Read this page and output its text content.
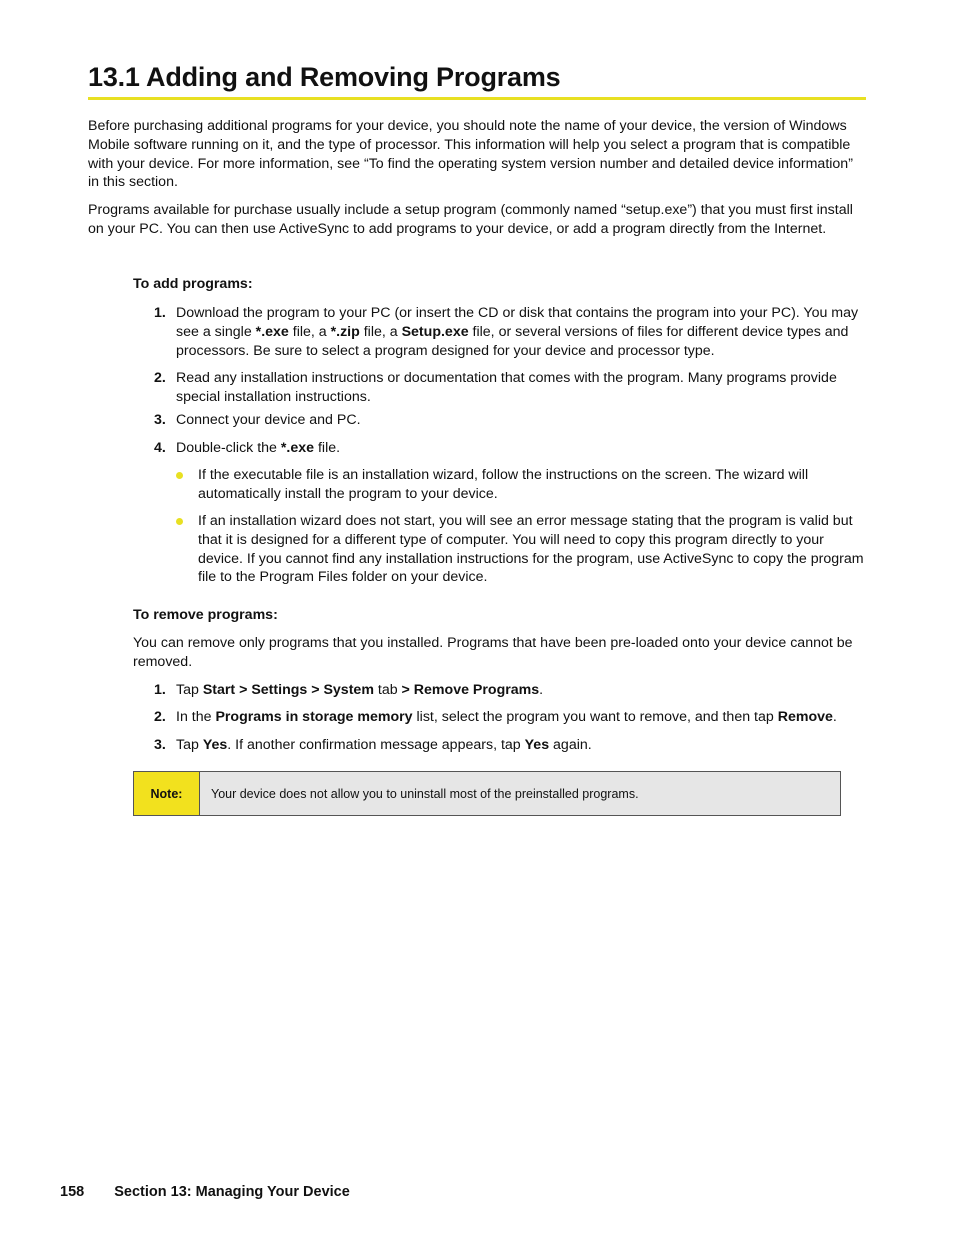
13.1 Adding and Removing Programs

Before purchasing additional programs for your device, you should note the name of your device, the version of Windows Mobile software running on it, and the type of processor. This information will help you select a program that is compatible with your device. For more information, see “To find the operating system version number and detailed device information” in this section.

Programs available for purchase usually include a setup program (commonly named “setup.exe”) that you must first install on your PC. You can then use ActiveSync to add programs to your device, or add a program directly from the Internet.

To add programs:

1. Download the program to your PC (or insert the CD or disk that contains the program into your PC). You may see a single *.exe file, a *.zip file, a Setup.exe file, or several versions of files for different device types and processors. Be sure to select a program designed for your device and processor type.
2. Read any installation instructions or documentation that comes with the program. Many programs provide special installation instructions.
3. Connect your device and PC.
4. Double-click the *.exe file.
If the executable file is an installation wizard, follow the instructions on the screen. The wizard will automatically install the program to your device.
If an installation wizard does not start, you will see an error message stating that the program is valid but that it is designed for a different type of computer. You will need to copy this program directly to your device. If you cannot find any installation instructions for the program, use ActiveSync to copy the program file to the Program Files folder on your device.

To remove programs:

You can remove only programs that you installed. Programs that have been pre-loaded onto your device cannot be removed.

1. Tap Start > Settings > System tab > Remove Programs.
2. In the Programs in storage memory list, select the program you want to remove, and then tap Remove.
3. Tap Yes. If another confirmation message appears, tap Yes again.
Note:	Your device does not allow you to uninstall most of the preinstalled programs.

158 Section 13: Managing Your Device
